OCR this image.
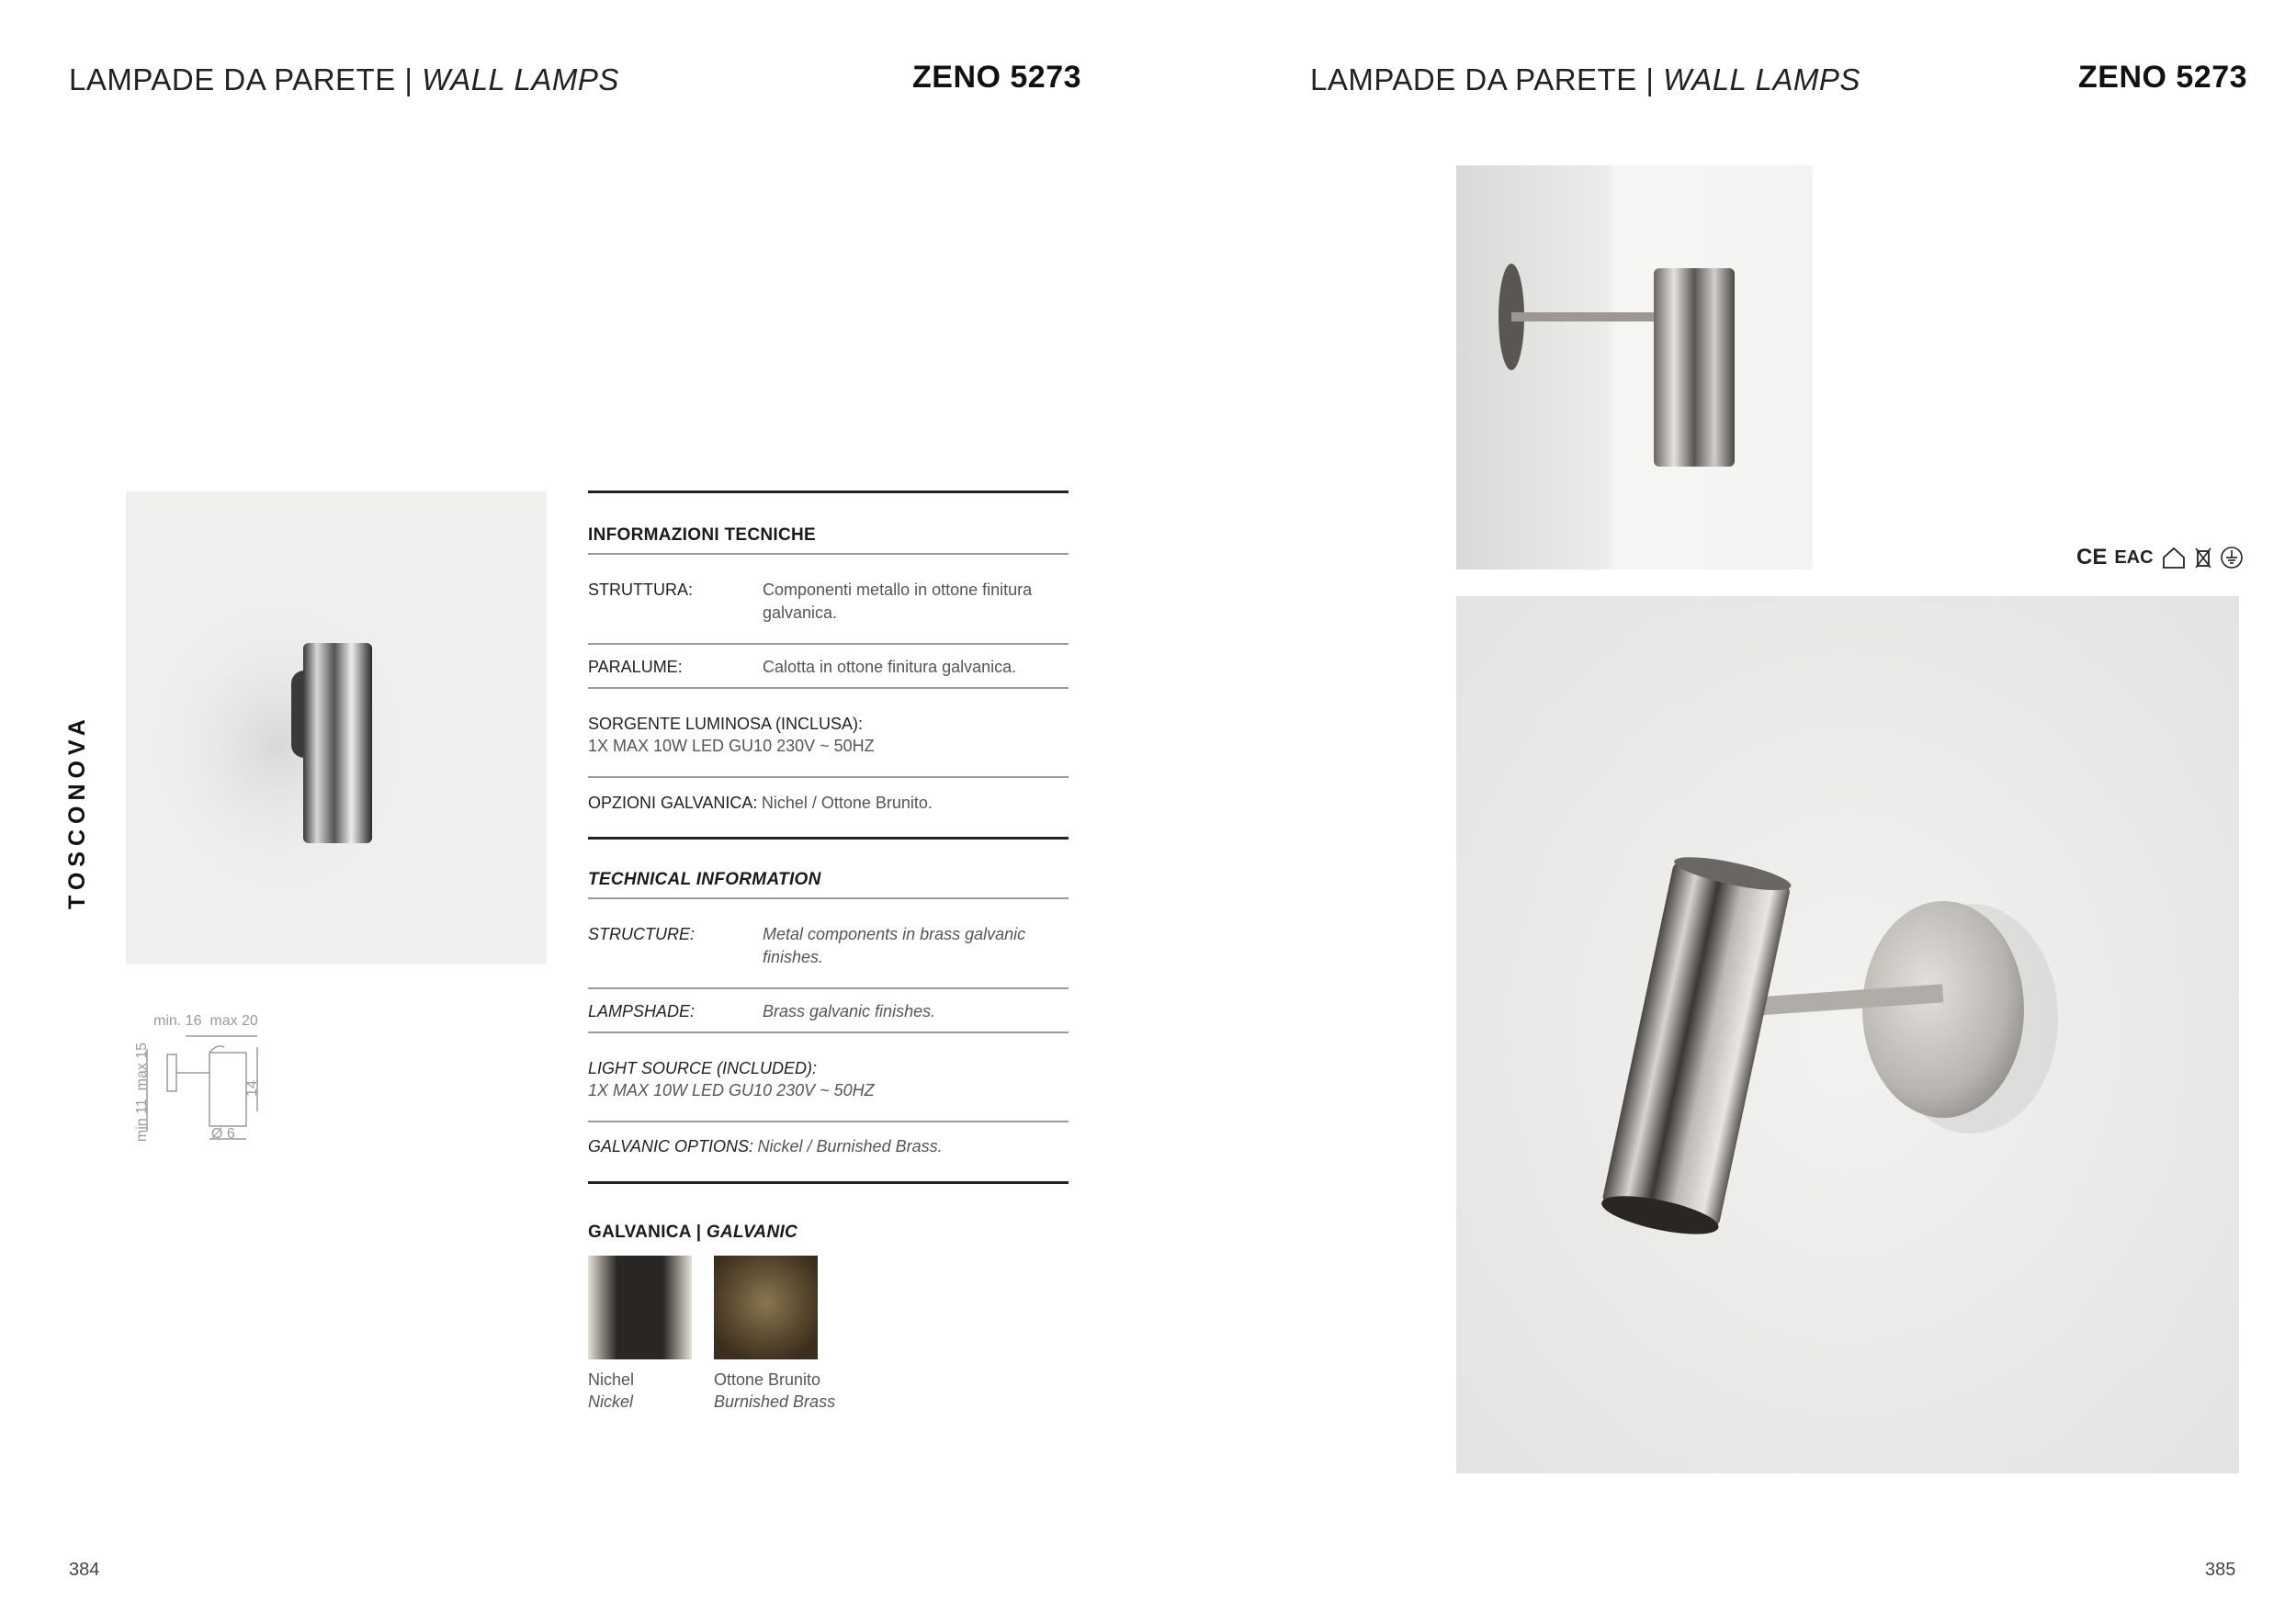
LAMPADE DA PARETE | WALL LAMPS	ZENO 5273
TOSCONOVA
min. 16  max 20
min 11  max 15	14
Ø 6
INFORMAZIONI TECNICHE
STRUTTURA:	Componenti metallo in ottone finitura galvanica.
PARALUME:	Calotta in ottone finitura galvanica.
SORGENTE LUMINOSA (INCLUSA):
1X MAX 10W LED GU10 230V ~ 50HZ
OPZIONI GALVANICA: Nichel / Ottone Brunito.
TECHNICAL INFORMATION
STRUCTURE:	Metal components in brass galvanic finishes.
LAMPSHADE:	Brass galvanic finishes.
LIGHT SOURCE (INCLUDED):
1X MAX 10W LED GU10 230V ~ 50HZ
GALVANIC OPTIONS: Nickel / Burnished Brass.
GALVANICA | GALVANIC
Nichel
Nickel
Ottone Brunito
Burnished Brass
384
LAMPADE DA PARETE | WALL LAMPS	ZENO 5273
CE EAC
385
